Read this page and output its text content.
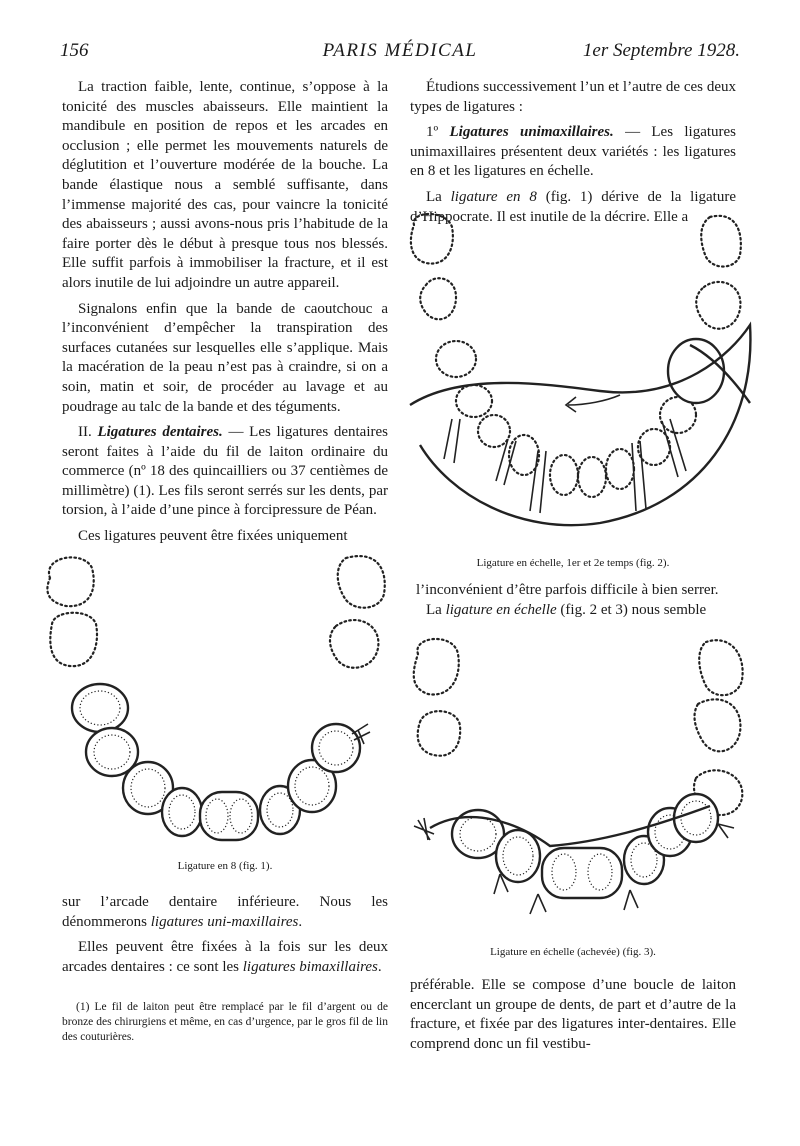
156	PARIS MÉDICAL	1er Septembre 1928.

La traction faible, lente, continue, s’oppose à la tonicité des muscles abaisseurs. Elle maintient la mandibule en position de repos et les arcades en occlusion ; elle permet les mouvements naturels de déglutition et l’ouverture modérée de la bouche. La bande élastique nous a semblé suffisante, dans l’immense majorité des cas, pour vaincre la tonicité des abaisseurs ; aussi avons-nous pris l’habitude de la faire porter dès le début à presque tous nos blessés. Elle suffit parfois à immobiliser la fracture, et il est alors inutile de lui adjoindre un autre appareil.

Signalons enfin que la bande de caoutchouc a l’inconvénient d’empêcher la transpiration des surfaces cutanées sur lesquelles elle s’applique. Mais la macération de la peau n’est pas à craindre, si on a soin, matin et soir, de procéder au lavage et au poudrage au talc de la bande et des téguments.

II. Ligatures dentaires. — Les ligatures dentaires seront faites à l’aide du fil de laiton ordinaire du commerce (nº 18 des quincailliers ou 37 centièmes de millimètre) (1). Les fils seront serrés sur les dents, par torsion, à l’aide d’une pince à forcipressure de Péan.

Ces ligatures peuvent être fixées uniquement

Ligature en 8 (fig. 1).

sur l’arcade dentaire inférieure. Nous les dénommerons ligatures uni-maxillaires.

Elles peuvent être fixées à la fois sur les deux arcades dentaires : ce sont les ligatures bimaxillaires.

(1) Le fil de laiton peut être remplacé par le fil d’argent ou de bronze des chirurgiens et même, en cas d’urgence, par le gros fil de lin des couturières.

Étudions successivement l’un et l’autre de ces deux types de ligatures :

1º Ligatures unimaxillaires. — Les ligatures unimaxillaires présentent deux variétés : les ligatures en 8 et les ligatures en échelle.

La ligature en 8 (fig. 1) dérive de la ligature d’Hippocrate. Il est inutile de la décrire. Elle a

Ligature en échelle, 1er et 2e temps (fig. 2).

l’inconvénient d’être parfois difficile à bien serrer.

La ligature en échelle (fig. 2 et 3) nous semble

Ligature en échelle (achevée) (fig. 3).

préférable. Elle se compose d’une boucle de laiton encerclant un groupe de dents, de part et d’autre de la fracture, et fixée par des ligatures inter-dentaires. Elle comprend donc un fil vestibu-
